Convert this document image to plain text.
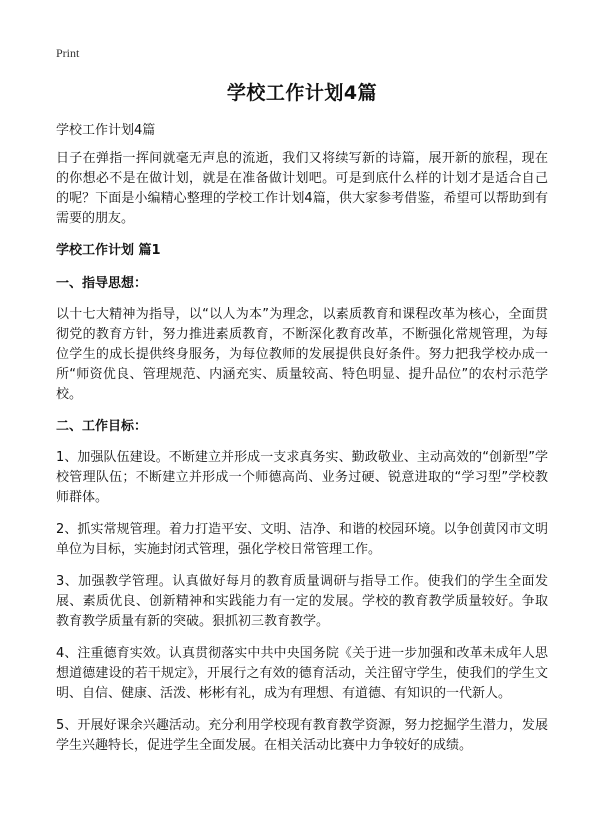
Print
学校工作计划4篇
学校工作计划4篇

日子在弹指一挥间就毫无声息的流逝，我们又将续写新的诗篇，展开新的旅程，现在的你想必不是在做计划，就是在准备做计划吧。可是到底什么样的计划才是适合自己的呢？下面是小编精心整理的学校工作计划4篇，供大家参考借鉴，希望可以帮助到有需要的朋友。

学校工作计划 篇1
一、指导思想：

以十七大精神为指导，以“以人为本”为理念，以素质教育和课程改革为核心，全面贯彻党的教育方针，努力推进素质教育，不断深化教育改革，不断强化常规管理，为每位学生的成长提供终身服务，为每位教师的发展提供良好条件。努力把我学校办成一所“师资优良、管理规范、内涵充实、质量较高、特色明显、提升品位”的农村示范学校。

二、工作目标：

1、加强队伍建设。不断建立并形成一支求真务实、勤政敬业、主动高效的“创新型”学校管理队伍；不断建立并形成一个师德高尚、业务过硬、锐意进取的“学习型”学校教师群体。

2、抓实常规管理。着力打造平安、文明、洁净、和谐的校园环境。以争创黄冈市文明单位为目标，实施封闭式管理，强化学校日常管理工作。

3、加强教学管理。认真做好每月的教育质量调研与指导工作。使我们的学生全面发展、素质优良、创新精神和实践能力有一定的发展。学校的教育教学质量较好。争取教育教学质量有新的突破。狠抓初三教育教学。

4、注重德育实效。认真贯彻落实中共中央国务院《关于进一步加强和改革未成年人思想道德建设的若干规定》，开展行之有效的德育活动，关注留守学生，使我们的学生文明、自信、健康、活泼、彬彬有礼，成为有理想、有道德、有知识的一代新人。

5、开展好课余兴趣活动。充分利用学校现有教育教学资源，努力挖掘学生潜力，发展学生兴趣特长，促进学生全面发展。在相关活动比赛中力争较好的成绩。
